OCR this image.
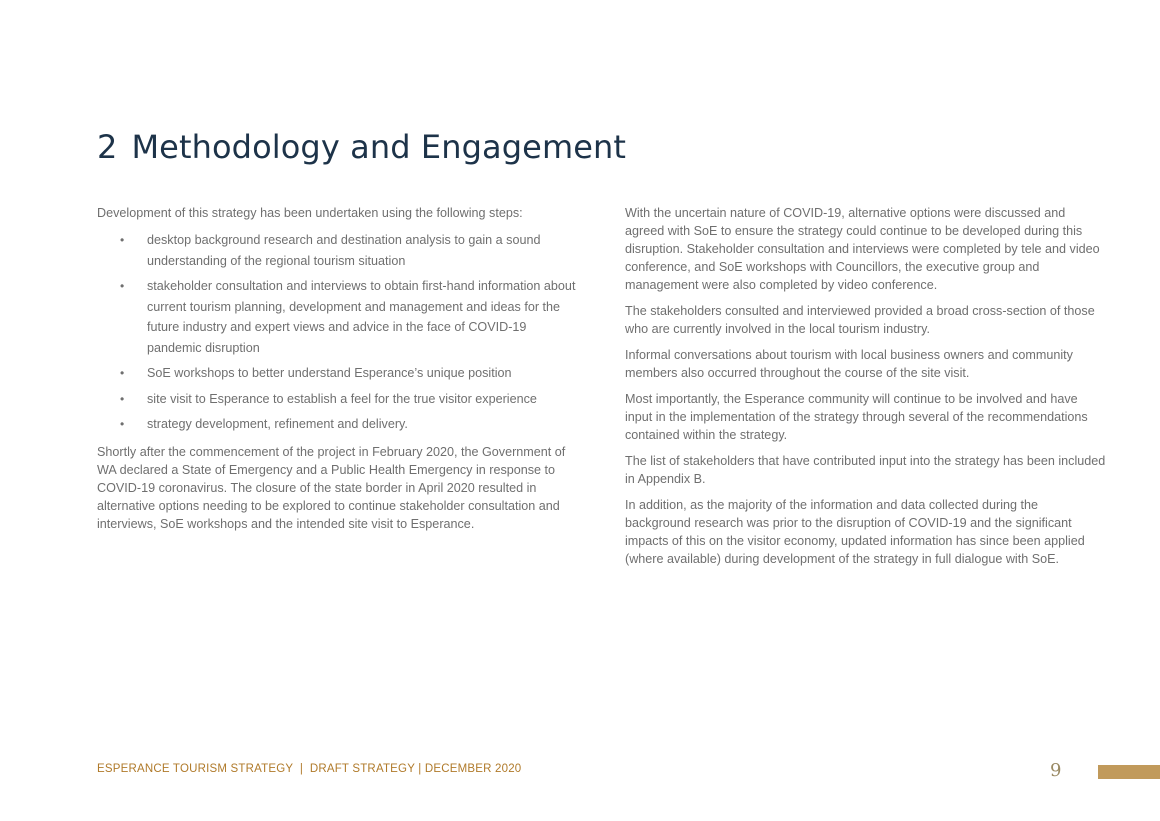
2 Methodology and Engagement

Development of this strategy has been undertaken using the following steps:

• desktop background research and destination analysis to gain a sound understanding of the regional tourism situation
• stakeholder consultation and interviews to obtain first-hand information about current tourism planning, development and management and ideas for the future industry and expert views and advice in the face of COVID-19 pandemic disruption
• SoE workshops to better understand Esperance’s unique position
• site visit to Esperance to establish a feel for the true visitor experience
• strategy development, refinement and delivery.

Shortly after the commencement of the project in February 2020, the Government of WA declared a State of Emergency and a Public Health Emergency in response to COVID-19 coronavirus. The closure of the state border in April 2020 resulted in alternative options needing to be explored to continue stakeholder consultation and interviews, SoE workshops and the intended site visit to Esperance.

With the uncertain nature of COVID-19, alternative options were discussed and agreed with SoE to ensure the strategy could continue to be developed during this disruption. Stakeholder consultation and interviews were completed by tele and video conference, and SoE workshops with Councillors, the executive group and management were also completed by video conference.

The stakeholders consulted and interviewed provided a broad cross-section of those who are currently involved in the local tourism industry.

Informal conversations about tourism with local business owners and community members also occurred throughout the course of the site visit.

Most importantly, the Esperance community will continue to be involved and have input in the implementation of the strategy through several of the recommendations contained within the strategy.

The list of stakeholders that have contributed input into the strategy has been included in Appendix B.

In addition, as the majority of the information and data collected during the background research was prior to the disruption of COVID-19 and the significant impacts of this on the visitor economy, updated information has since been applied (where available) during development of the strategy in full dialogue with SoE.

ESPERANCE TOURISM STRATEGY  |  DRAFT STRATEGY | DECEMBER 2020	9
